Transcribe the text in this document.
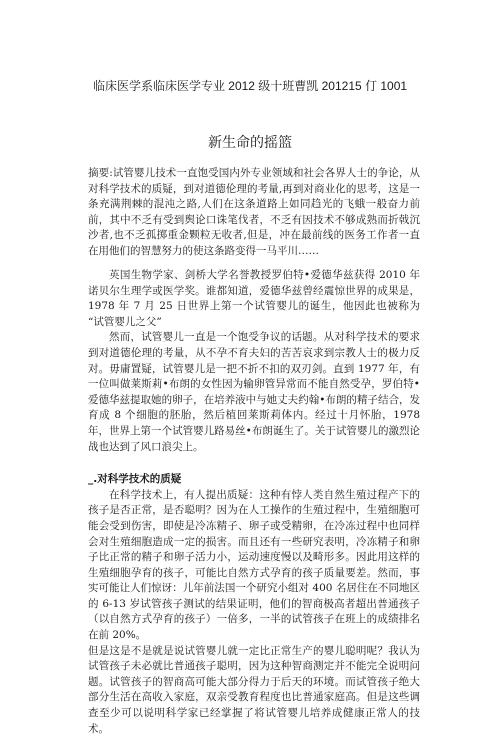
临床医学系临床医学专业 2012 级十班曹凯 201215 仃 1001
新生命的摇篮

摘要:试管婴儿技术一直饱受国内外专业领域和社会各界人士的争论，从对科学技术的质疑，到对道德伦理的考量,再到对商业化的思考，这是一条充满荆棘的混沌之路,人们在这条道路上如同趋光的飞蛾一般奋力前前，其中不乏有受到舆论口诛笔伐者，不乏有因技术不够成熟而折戟沉沙者,也不乏孤掷重金颗粒无收者,但是，冲在最前线的医务工作者一直在用他们的智慧努力的使这条路变得一马平川……

英国生物学家、剑桥大学名誉教授罗伯特•爱德华兹获得 2010 年诺贝尔生理学或医学奖。谁都知道，爱德华兹曾经震惊世界的成果是，1978 年 7 月 25 日世界上第一个试管婴儿的诞生，他因此也被称为 “试管婴儿之父”

然而，试管婴儿一直是一个饱受争议的话题。从对科学技术的要求到对道德伦理的考量，从不孕不育夫妇的苦苦哀求到宗教人士的极力反对。毋庸置疑，试管婴儿是一把不折不扣的双刃剑。直到 1977 年，有一位叫做莱斯莉•布朗的女性因为输卵管异常而不能自然受孕，罗伯特•爱德华兹提取她的卵子，在培养液中与她丈夫约翰•布朗的精子结合，发育成 8 个细胞的胚胎，然后植回莱斯莉体内。经过十月怀胎，1978 年，世界上第一个试管婴儿路易丝•布朗诞生了。关于试管婴儿的激烈论战也达到了风口浪尖上。

_.对科学技术的质疑

在科学技术上，有人提出质疑：这种有悖人类自然生殖过程产下的孩子是否正常，是否聪明？因为在人工操作的生殖过程中，生殖细胞可能会受到伤害，即使是冷冻精子、卵子或受精卵，在冷冻过程中也同样会对生殖细胞造成一定的损害。而且还有一些研究表明，冷冻精子和卵子比正常的精子和卵子活力小，运动速度慢以及畸形多。因此用这样的生殖细胞孕育的孩子，可能比自然方式孕育的孩子质量要差。然而，事实可能让人们惊讶：儿年前法国一个研究小组对 400 名居住在不同地区的 6-13 岁试管孩子测试的结果证明，他们的智商极高者超出普通孩子（以自然方式孕育的孩子）一倍多，一半的试管孩子在班上的成绩排名在前 20%。

但是这是不是就是说试管婴儿就一定比正常生产的婴儿聪明呢？我认为试管孩子未必就比普通孩子聪明，因为这种智商测定并不能完全说明问题。试管孩子的智商高可能大部分得力于后天的环境。而试管孩子绝大部分生活在高收入家庭，双亲受教育程度也比普通家庭高。但是这些调查至少可以说明科学家已经掌握了将试管婴儿培养成健康正常人的技术。
